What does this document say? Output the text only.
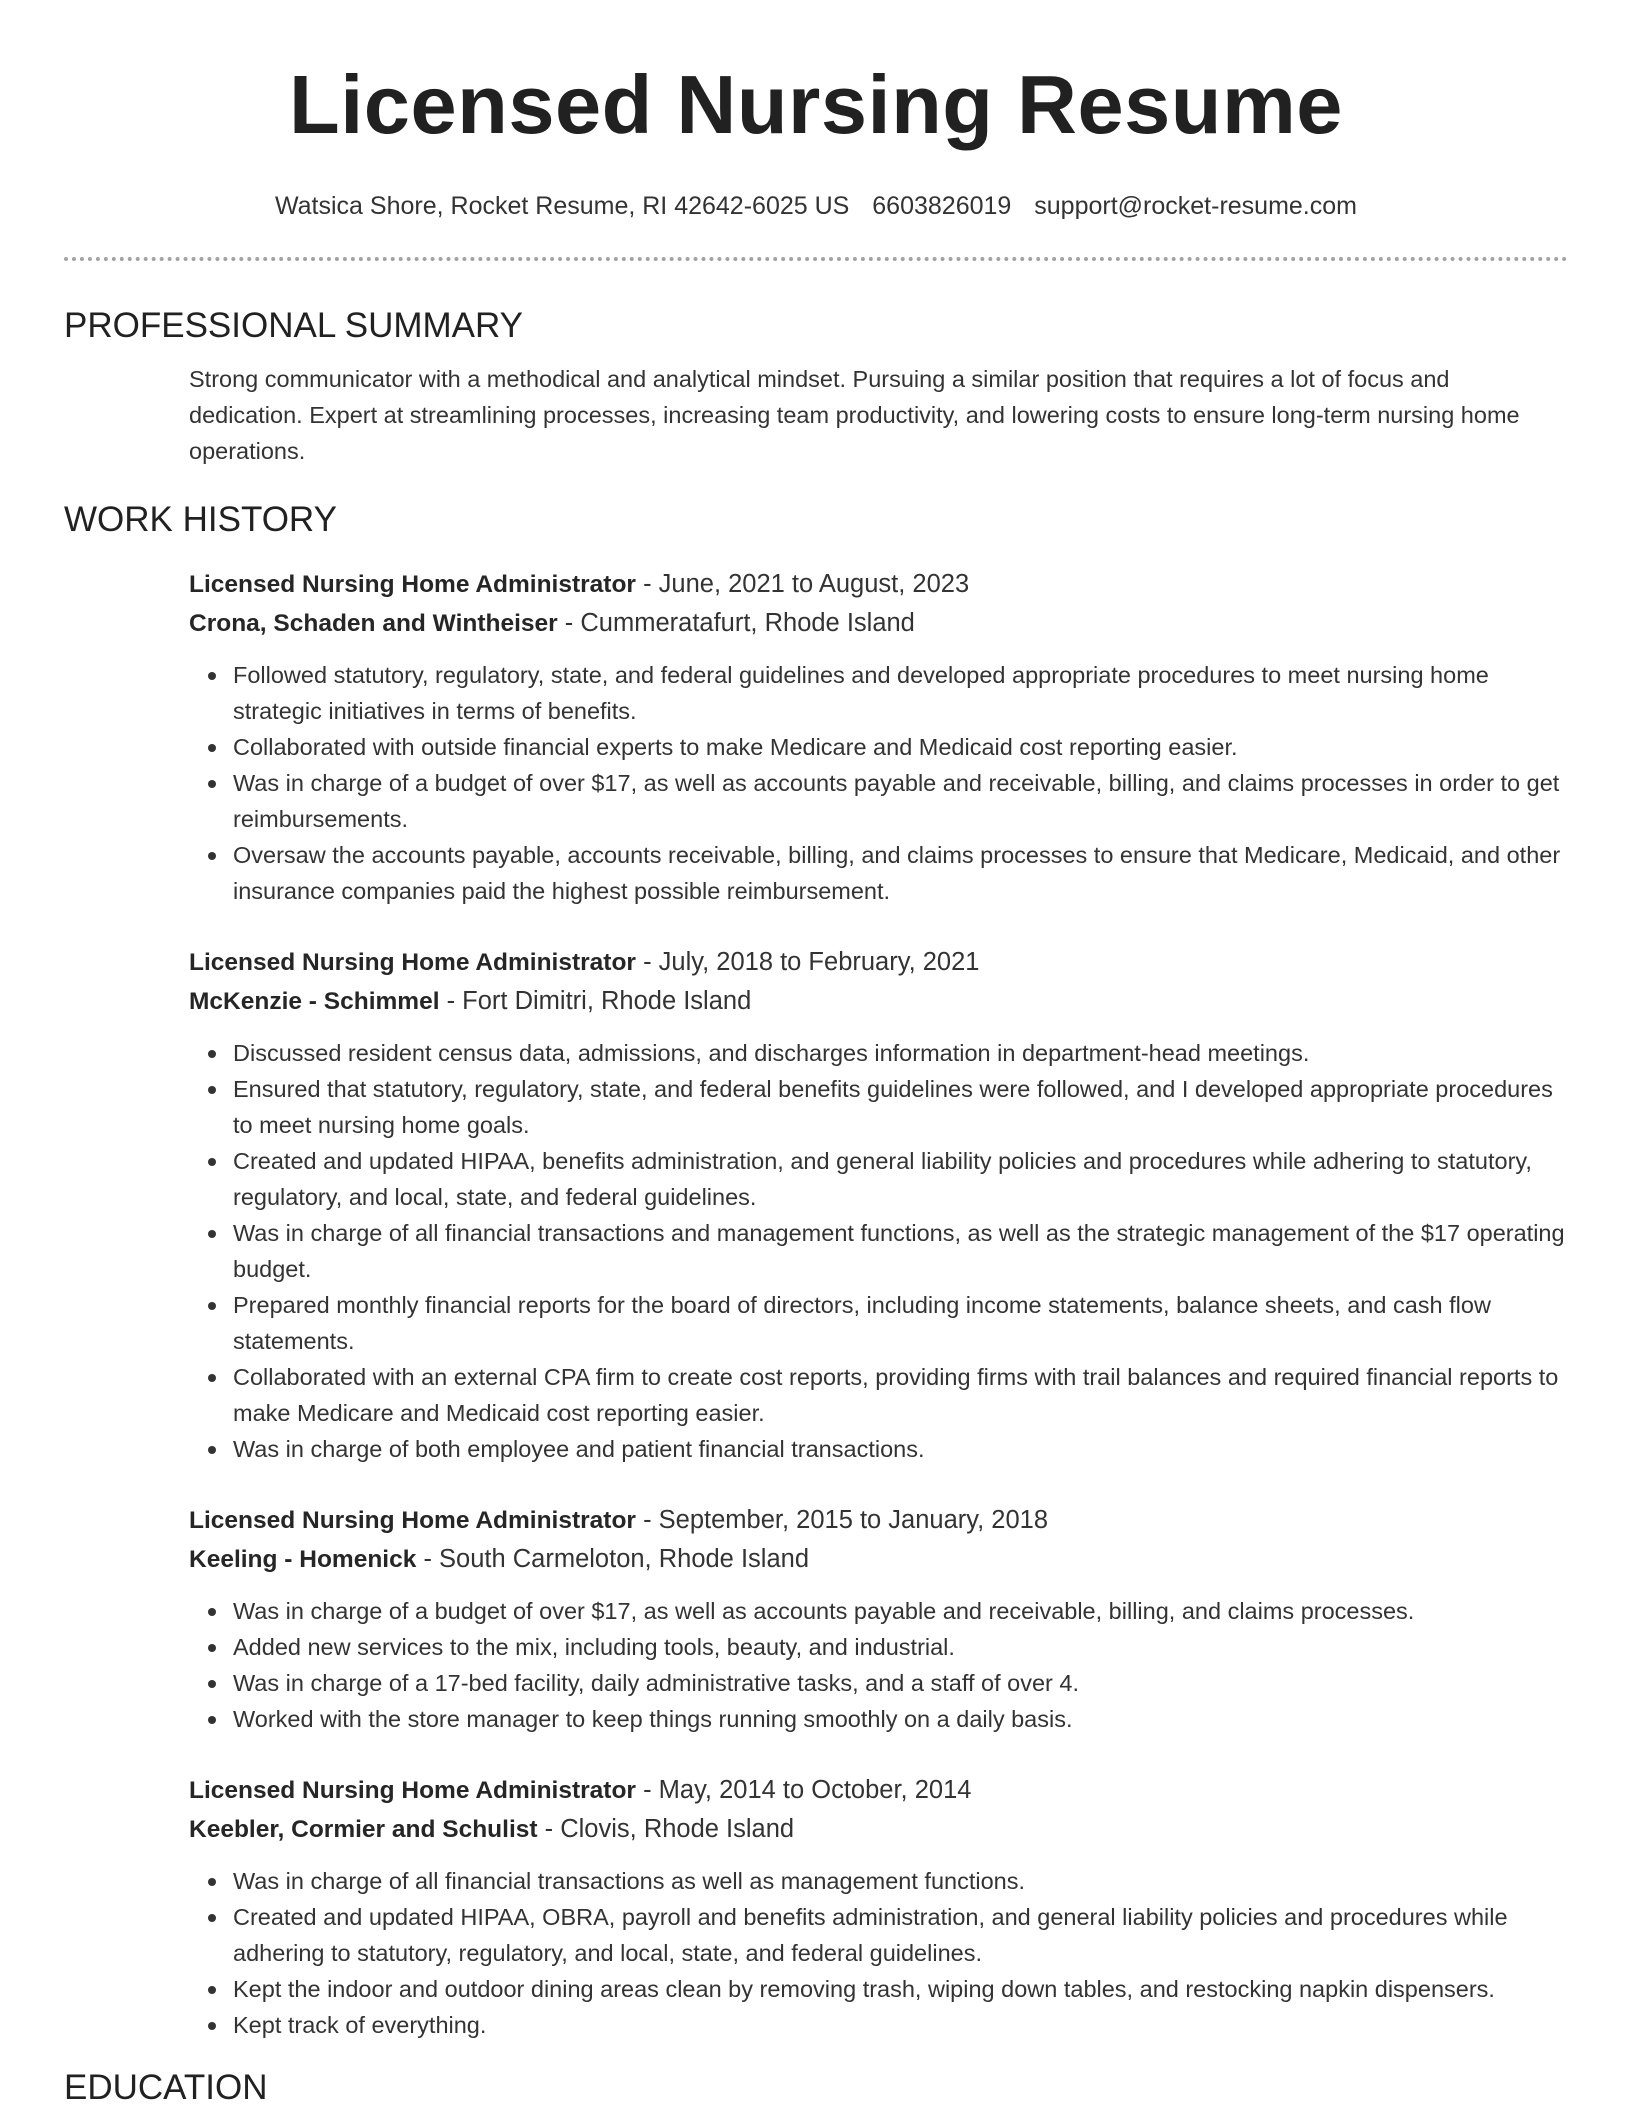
Licensed Nursing Resume
Watsica Shore, Rocket Resume, RI 42642-6025 US 6603826019 support@rocket-resume.com
PROFESSIONAL SUMMARY

Strong communicator with a methodical and analytical mindset. Pursuing a similar position that requires a lot of focus and dedication. Expert at streamlining processes, increasing team productivity, and lowering costs to ensure long-term nursing home operations.

WORK HISTORY
Licensed Nursing Home Administrator - June, 2021 to August, 2023
Crona, Schaden and Wintheiser - Cummeratafurt, Rhode Island
Followed statutory, regulatory, state, and federal guidelines and developed appropriate procedures to meet nursing home strategic initiatives in terms of benefits.
Collaborated with outside financial experts to make Medicare and Medicaid cost reporting easier.
Was in charge of a budget of over $17, as well as accounts payable and receivable, billing, and claims processes in order to get reimbursements.
Oversaw the accounts payable, accounts receivable, billing, and claims processes to ensure that Medicare, Medicaid, and other insurance companies paid the highest possible reimbursement.
Licensed Nursing Home Administrator - July, 2018 to February, 2021
McKenzie - Schimmel - Fort Dimitri, Rhode Island
Discussed resident census data, admissions, and discharges information in department-head meetings.
Ensured that statutory, regulatory, state, and federal benefits guidelines were followed, and I developed appropriate procedures to meet nursing home goals.
Created and updated HIPAA, benefits administration, and general liability policies and procedures while adhering to statutory, regulatory, and local, state, and federal guidelines.
Was in charge of all financial transactions and management functions, as well as the strategic management of the $17 operating budget.
Prepared monthly financial reports for the board of directors, including income statements, balance sheets, and cash flow statements.
Collaborated with an external CPA firm to create cost reports, providing firms with trail balances and required financial reports to make Medicare and Medicaid cost reporting easier.
Was in charge of both employee and patient financial transactions.
Licensed Nursing Home Administrator - September, 2015 to January, 2018
Keeling - Homenick - South Carmeloton, Rhode Island
Was in charge of a budget of over $17, as well as accounts payable and receivable, billing, and claims processes.
Added new services to the mix, including tools, beauty, and industrial.
Was in charge of a 17-bed facility, daily administrative tasks, and a staff of over 4.
Worked with the store manager to keep things running smoothly on a daily basis.
Licensed Nursing Home Administrator - May, 2014 to October, 2014
Keebler, Cormier and Schulist - Clovis, Rhode Island
Was in charge of all financial transactions as well as management functions.
Created and updated HIPAA, OBRA, payroll and benefits administration, and general liability policies and procedures while adhering to statutory, regulatory, and local, state, and federal guidelines.
Kept the indoor and outdoor dining areas clean by removing trash, wiping down tables, and restocking napkin dispensers.
Kept track of everything.
EDUCATION
